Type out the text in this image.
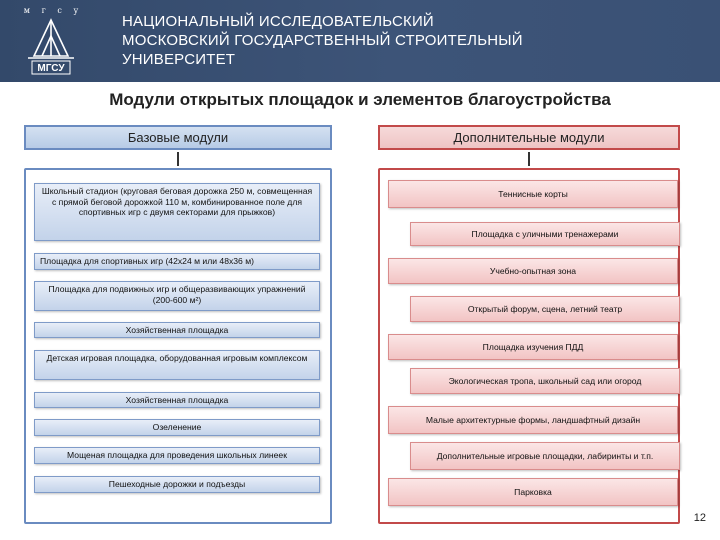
м г с у
МГСУ
НАЦИОНАЛЬНЫЙ ИССЛЕДОВАТЕЛЬСКИЙ
МОСКОВСКИЙ ГОСУДАРСТВЕННЫЙ СТРОИТЕЛЬНЫЙ
УНИВЕРСИТЕТ
Модули открытых площадок и элементов благоустройства
Базовые модули	Дополнительные модули
Школьный стадион (круговая беговая дорожка 250 м, совмещенная с прямой беговой дорожкой 110 м, комбинированное поле для спортивных игр с двумя секторами для прыжков)
Площадка для спортивных игр (42x24 м или 48x36 м)
Площадка для подвижных игр и общеразвивающих упражнений (200-600 м²)
Хозяйственная площадка
Детская игровая площадка, оборудованная игровым комплексом
Хозяйственная площадка
Озеленение
Мощеная площадка для проведения школьных линеек
Пешеходные дорожки и подъезды
Теннисные корты
Площадка с уличными тренажерами
Учебно-опытная зона
Открытый форум, сцена, летний театр
Площадка изучения ПДД
Экологическая тропа, школьный сад или огород
Малые архитектурные формы, ландшафтный дизайн
Дополнительные игровые площадки, лабиринты и т.п.
Парковка
12
